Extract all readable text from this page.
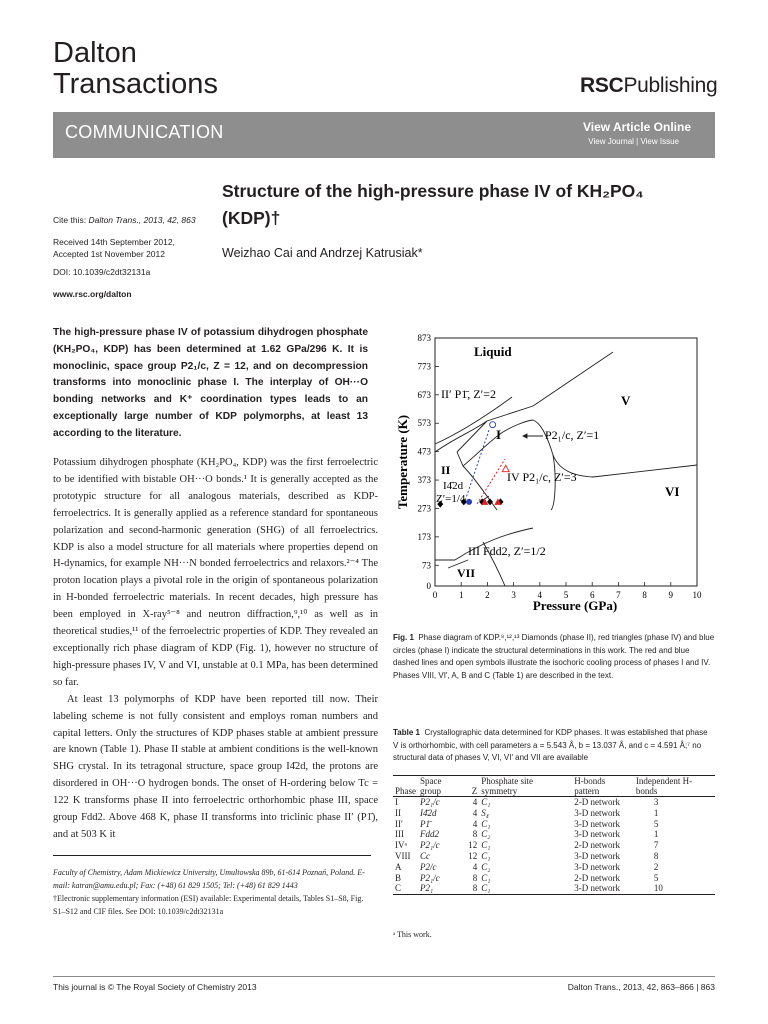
Dalton
Transactions	RSCPublishing
COMMUNICATION	View Article Online
View Journal | View Issue
Structure of the high-pressure phase IV of KH₂PO₄
(KDP)†
Weizhao Cai and Andrzej Katrusiak*
Cite this: Dalton Trans., 2013, 42, 863
Received 14th September 2012,
Accepted 1st November 2012
DOI: 10.1039/c2dt32131a
www.rsc.org/dalton
The high-pressure phase IV of potassium dihydrogen phosphate (KH₂PO₄, KDP) has been determined at 1.62 GPa/296 K. It is monoclinic, space group P2₁/c, Z = 12, and on decompression transforms into monoclinic phase I. The interplay of OH···O bonding networks and K⁺ coordination types leads to an exceptionally large number of KDP polymorphs, at least 13 according to the literature.

Potassium dihydrogen phosphate (KH₂PO₄, KDP) was the first ferroelectric to be identified with bistable OH···O bonds.¹ It is generally accepted as the prototypic structure for all analogous materials, described as KDP-ferroelectrics. It is generally applied as a reference standard for spontaneous polarization and second-harmonic generation (SHG) of all ferroelectrics. KDP is also a model structure for all materials where properties depend on H-dynamics, for example NH···N bonded ferroelectrics and relaxors.²⁻⁴ The proton location plays a pivotal role in the origin of spontaneous polarization in H-bonded ferroelectric materials. In recent decades, high pressure has been employed in X-ray⁵⁻⁸ and neutron diffraction,⁹,¹⁰ as well as in theoretical studies,¹¹ of the ferroelectric properties of KDP. They revealed an exceptionally rich phase diagram of KDP (Fig. 1), however no structure of high-pressure phases IV, V and VI, unstable at 0.1 MPa, has been determined so far.

At least 13 polymorphs of KDP have been reported till now. Their labeling scheme is not fully consistent and employs roman numbers and capital letters. Only the structures of KDP phases stable at ambient pressure are known (Table 1). Phase II stable at ambient conditions is the well-known SHG crystal. In its tetragonal structure, space group I4̄2d, the protons are disordered in OH···O hydrogen bonds. The onset of H-ordering below Tc = 122 K transforms phase II into ferroelectric orthorhombic phase III, space group Fdd2. Above 468 K, phase II transforms into triclinic phase II′ (P1̄), and at 503 K it

Faculty of Chemistry, Adam Mickiewicz University, Umultowska 89b, 61-614 Poznań, Poland. E-mail: katran@amu.edu.pl; Fax: (+48) 61 829 1505; Tel: (+48) 61 829 1443
†Electronic supplementary information (ESI) available: Experimental details, Tables S1–S8, Fig. S1–S12 and CIF files. See DOI: 10.1039/c2dt32131a
0 1 2 3 4 5 6 7 8 9 10
0
73
173
273
373
473
573
673
773
873
Liquid
II′ P1̄, Z′=2
I	P2₁/c, Z′=1
V
II
I4̄2d
Z′=1/4
IV P2₁/c, Z′=3
VI
III Fdd2, Z′=1/2
VII
Pressure (GPa)
Temperature (K)
Fig. 1 Phase diagram of KDP.⁸,¹²,¹³ Diamonds (phase II), red triangles (phase IV) and blue circles (phase I) indicate the structural determinations in this work. The red and blue dashed lines and open symbols illustrate the isochoric cooling process of phases I and IV. Phases VIII, VI′, A, B and C (Table 1) are described in the text.
Table 1 Crystallographic data determined for KDP phases. It was established that phase V is orthorhombic, with cell parameters a = 5.543 Å, b = 13.037 Å, and c = 4.591 Å;⁷ no structural data of phases V, VI, VI′ and VII are available
Phase	Space group	Z	Phosphate site symmetry	H-bonds pattern	Independent H-bonds
I	P2₁/c	4	C₁	2-D network	3
II	I4̄2d	4	S₄	3-D network	1
II′	P1̄	4	C₁	3-D network	5
III	Fdd2	8	C₂	3-D network	1
IVᵃ	P2₁/c	12	C₁	2-D network	7
VIII	Cc	12	C₁	3-D network	8
A	P2/c	4	C₂	3-D network	2
B	P2₁/c	8	C₁	2-D network	5
C	P2₁	8	C₁	3-D network	10
ᵃ This work.
This journal is © The Royal Society of Chemistry 2013	Dalton Trans., 2013, 42, 863–866 | 863
